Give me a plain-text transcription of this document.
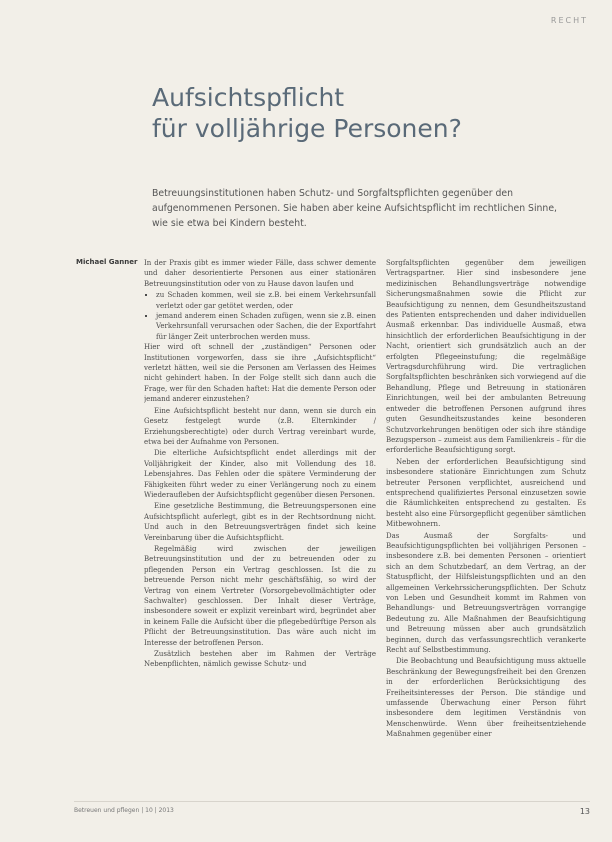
RECHT
Aufsichtspflicht
für volljährige Personen?
Betreuungsinstitutionen haben Schutz- und Sorgfaltspflichten gegenüber den aufgenommenen Personen. Sie haben aber keine Aufsichtspflicht im rechtlichen Sinne, wie sie etwa bei Kindern besteht.
Michael Ganner In der Praxis gibt es immer wieder Fälle, dass schwer demente und daher desorientierte Personen aus einer stationären Betreuungsinstitution oder von zu Hause davon laufen und

▪ zu Schaden kommen, weil sie z.B. bei einem Verkehrsunfall verletzt oder gar getötet werden, oder
▪ jemand anderem einen Schaden zufügen, wenn sie z.B. einen Verkehrsunfall verursachen oder Sachen, die der Exportfahrt für länger Zeit unterbrochen werden muss.

Hier wird oft schnell der „zuständigen“ Personen oder Institutionen vorgeworfen, dass sie ihre „Aufsichtspflicht“ verletzt hätten, weil sie die Personen am Verlassen des Heimes nicht gehindert haben. In der Folge stellt sich dann auch die Frage, wer für den Schaden haftet: Hat die demente Person oder jemand anderer einzustehen?

Eine Aufsichtspflicht besteht nur dann, wenn sie durch ein Gesetz festgelegt wurde (z.B. Elternkinder / Erziehungsberechtigte) oder durch Vertrag vereinbart wurde, etwa bei der Aufnahme von Personen.

Die elterliche Aufsichtspflicht endet allerdings mit der Volljährigkeit der Kinder, also mit Vollendung des 18. Lebensjahres. Das Fehlen oder die spätere Verminderung der Fähigkeiten führt weder zu einer Verlängerung noch zu einem Wiederaufleben der Aufsichtspflicht gegenüber diesen Personen.

Eine gesetzliche Bestimmung, die Betreuungspersonen eine Aufsichtspflicht auferlegt, gibt es in der Rechtsordnung nicht. Und auch in den Betreuungsverträgen findet sich keine Vereinbarung über die Aufsichtspflicht.

Regelmäßig wird zwischen der jeweiligen Betreuungsinstitution und der zu betreuenden oder zu pflegenden Person ein Vertrag geschlossen. Ist die zu betreuende Person nicht mehr geschäftsfähig, so wird der Vertrag von einem Vertreter (Vorsorgebevollmächtigter oder Sachwalter) geschlossen. Der Inhalt dieser Verträge, insbesondere soweit er explizit vereinbart wird, begründet aber in keinem Falle die Aufsicht über die pflegebedürftige Person als Pflicht der Betreuungsinstitution. Das wäre auch nicht im Interesse der betroffenen Person.

Zusätzlich bestehen aber im Rahmen der Verträge Nebenpflichten, nämlich gewisse Schutz- und

Sorgfaltspflichten gegenüber dem jeweiligen Vertragspartner. Hier sind insbesondere jene medizinischen Behandlungsverträge notwendige Sicherungsmaßnahmen sowie die Pflicht zur Beaufsichtigung zu nennen, dem Gesundheitszustand des Patienten entsprechenden und daher individuellen Ausmaß erkennbar. Das individuelle Ausmaß, etwa hinsichtlich der erforderlichen Beaufsichtigung in der Nacht, orientiert sich grundsätzlich auch an der erfolgten Pflegeeinstufung; die regelmäßige Vertragsdurchführung wird. Die vertraglichen Sorgfaltspflichten beschränken sich vorwiegend auf die Behandlung, Pflege und Betreuung in stationären Einrichtungen, weil bei der ambulanten Betreuung entweder die betroffenen Personen aufgrund ihres guten Gesundheitszustandes keine besonderen Schutzvorkehrungen benötigen oder sich ihre ständige Bezugsperson – zumeist aus dem Familienkreis – für die erforderliche Beaufsichtigung sorgt.

Neben der erforderlichen Beaufsichtigung sind insbesondere stationäre Einrichtungen zum Schutz betreuter Personen verpflichtet, ausreichend und entsprechend qualifiziertes Personal einzusetzen sowie die Räumlichkeiten entsprechend zu gestalten. Es besteht also eine Fürsorgepflicht gegenüber sämtlichen Mitbewohnern.

Das Ausmaß der Sorgfalts- und Beaufsichtigungspflichten bei volljährigen Personen – insbesondere z.B. bei dementen Personen – orientiert sich an dem Schutzbedarf, an dem Vertrag, an der Statuspflicht, der Hilfsleistungspflichten und an den allgemeinen Verkehrssicherungspflichten. Der Schutz von Leben und Gesundheit kommt im Rahmen von Behandlungs- und Betreuungsverträgen vorrangige Bedeutung zu. Alle Maßnahmen der Beaufsichtigung und Betreuung müssen aber auch grundsätzlich beginnen, durch das verfassungsrechtlich verankerte Recht auf Selbstbestimmung.

Die Beobachtung und Beaufsichtigung muss aktuelle Beschränkung der Bewegungsfreiheit bei den Grenzen in der erforderlichen Berücksichtigung des Freiheitsinteresses der Person. Die ständige und umfassende Überwachung einer Person führt insbesondere dem legitimen Verständnis von Menschenwürde. Wenn über freiheitsentziehende Maßnahmen gegenüber einer

Betreuen und pflegen | 10 | 2013	13
